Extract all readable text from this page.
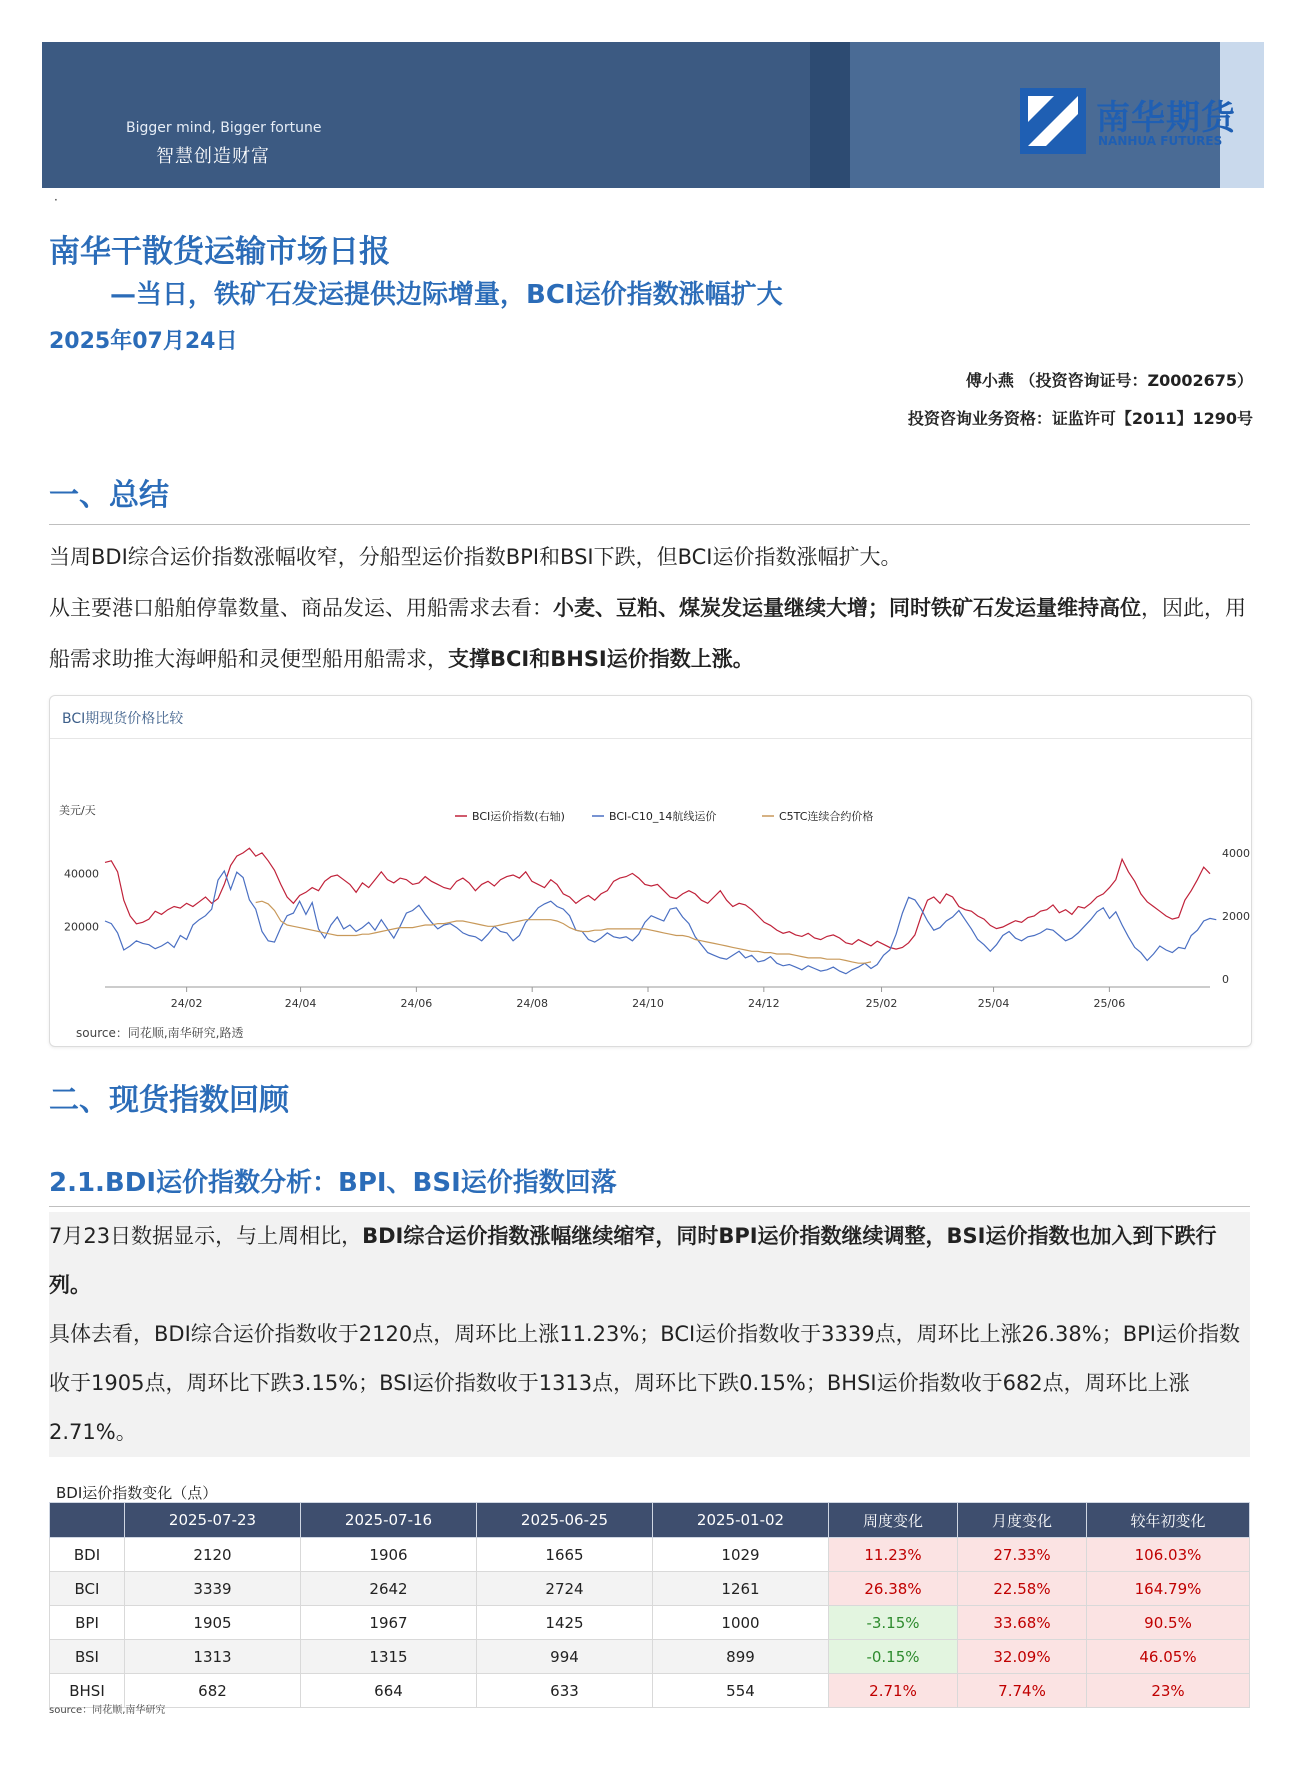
Bigger mind, Bigger fortune
智慧创造财富
南华期货
NANHUA FUTURES
·
南华干散货运输市场日报
—当日，铁矿石发运提供边际增量，BCI运价指数涨幅扩大
2025年07月24日
傅小燕 （投资咨询证号：Z0002675）
投资咨询业务资格：证监许可【2011】1290号
一、总结
当周BDI综合运价指数涨幅收窄，分船型运价指数BPI和BSI下跌，但BCI运价指数涨幅扩大。
从主要港口船舶停靠数量、商品发运、用船需求去看：小麦、豆粕、煤炭发运量继续大增；同时铁矿石发运量维持高位，因此，用船需求助推大海岬船和灵便型船用船需求，支撑BCI和BHSI运价指数上涨。
BCI期现货价格比较
20000
40000
0
2000
4000
美元/天
24/02	24/04	24/06	24/08	24/10	24/12	25/02	25/04	25/06
BCI运价指数(右轴)	BCI-C10_14航线运价	C5TC连续合约价格
source：同花顺,南华研究,路透
二、现货指数回顾
2.1.BDI运价指数分析：BPI、BSI运价指数回落
7月23日数据显示，与上周相比，BDI综合运价指数涨幅继续缩窄，同时BPI运价指数继续调整，BSI运价指数也加入到下跌行列。
具体去看，BDI综合运价指数收于2120点，周环比上涨11.23%；BCI运价指数收于3339点，周环比上涨26.38%；BPI运价指数收于1905点，周环比下跌3.15%；BSI运价指数收于1313点，周环比下跌0.15%；BHSI运价指数收于682点，周环比上涨2.71%。
BDI运价指数变化（点）
	2025-07-23	2025-07-16	2025-06-25	2025-01-02	周度变化	月度变化	较年初变化
BDI	2120	1906	1665	1029	11.23%	27.33%	106.03%
BCI	3339	2642	2724	1261	26.38%	22.58%	164.79%
BPI	1905	1967	1425	1000	-3.15%	33.68%	90.5%
BSI	1313	1315	994	899	-0.15%	32.09%	46.05%
BHSI	682	664	633	554	2.71%	7.74%	23%
source：同花顺,南华研究
